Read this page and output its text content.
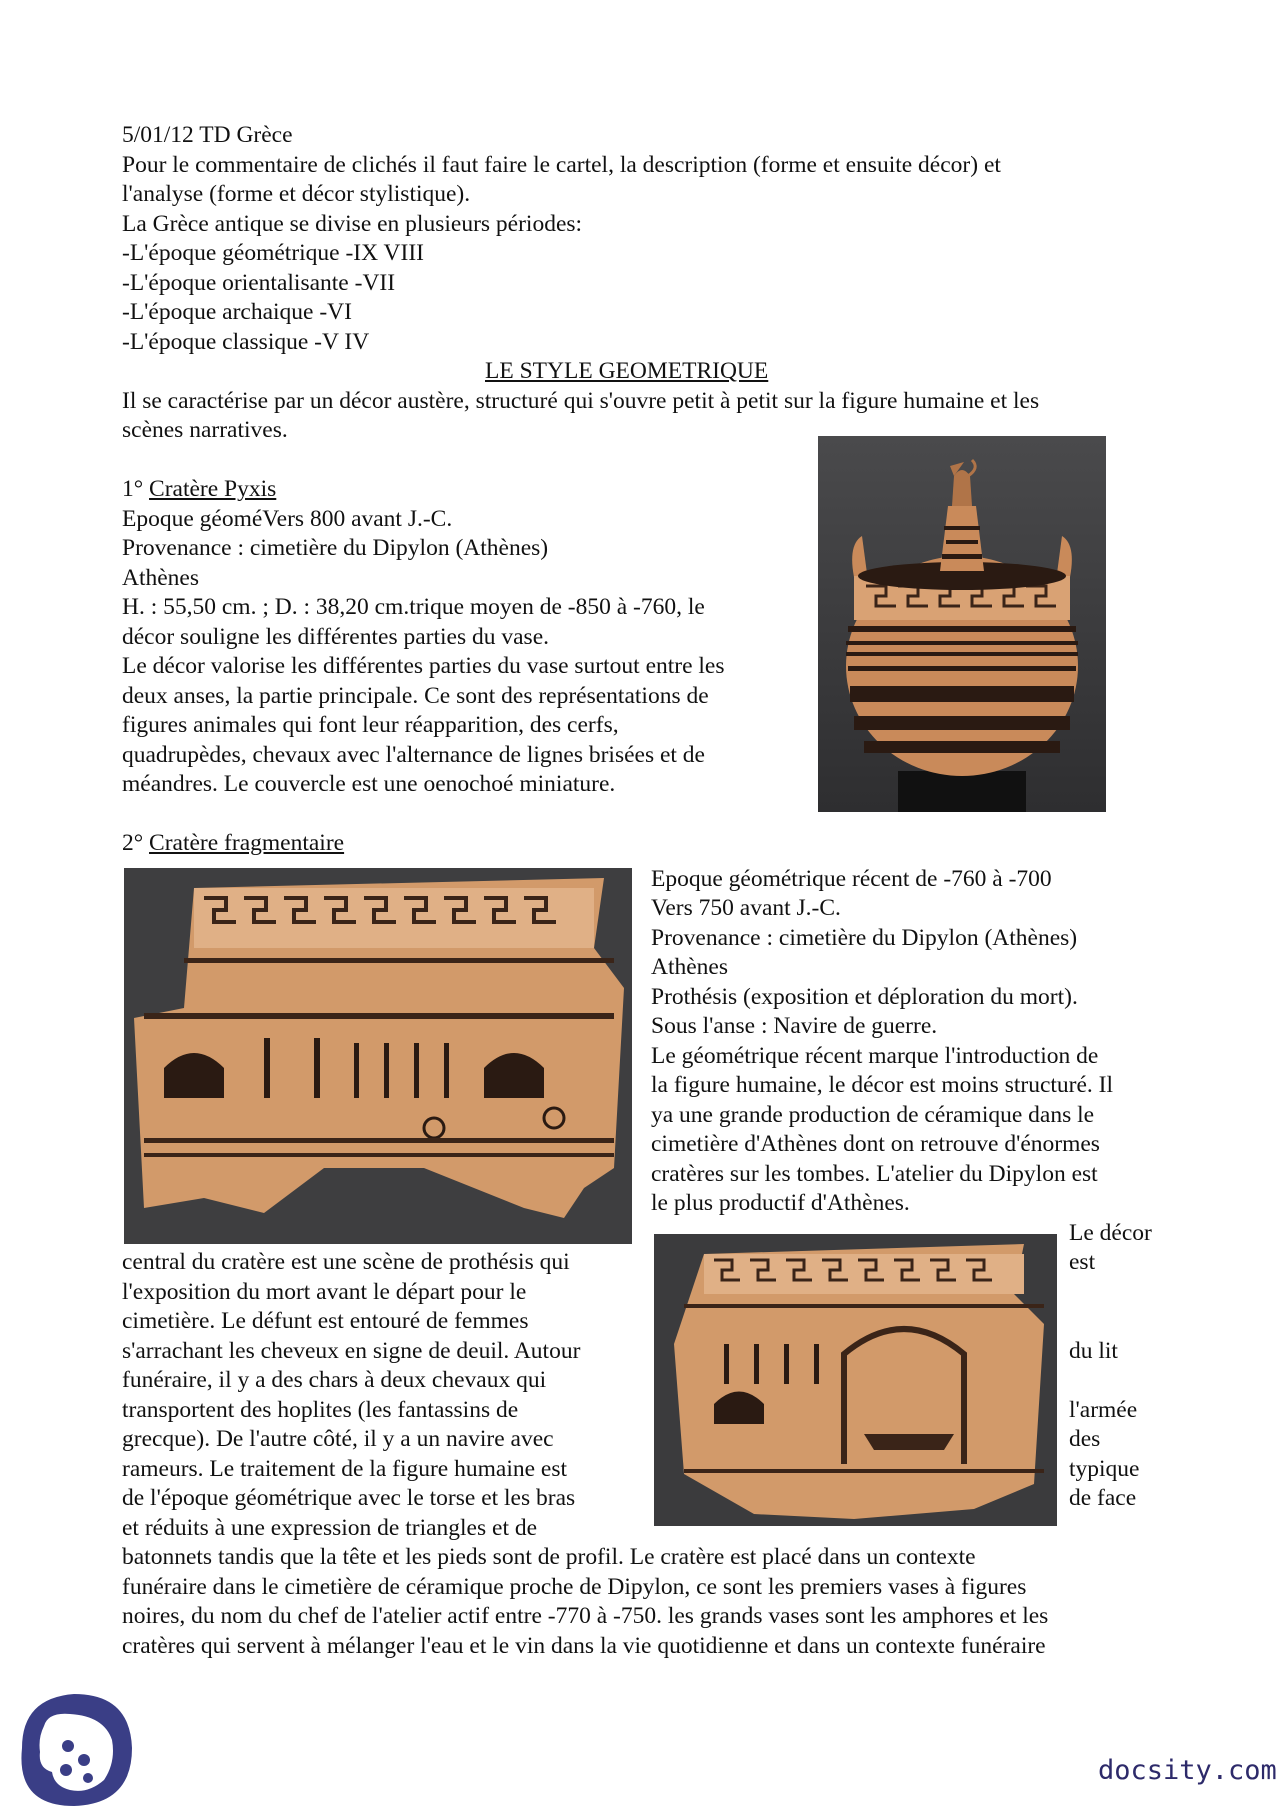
5/01/12 TD Grèce
Pour le commentaire de clichés il faut faire le cartel, la description (forme et ensuite décor) et
l'analyse (forme et décor stylistique).
La Grèce antique se divise en plusieurs périodes:
-L'époque géométrique -IX VIII
-L'époque orientalisante -VII
-L'époque archaique -VI
-L'époque classique -V IV
LE STYLE GEOMETRIQUE
Il se caractérise par un décor austère, structuré qui s'ouvre petit à petit sur la figure humaine et les
scènes narratives.
1° Cratère Pyxis
Epoque géoméVers 800 avant J.-C.
Provenance : cimetière du Dipylon (Athènes)
Athènes
H. : 55,50 cm. ; D. : 38,20 cm.trique moyen de -850 à -760, le
décor souligne les différentes parties du vase.
Le décor valorise les différentes parties du vase surtout entre les
deux anses, la partie principale. Ce sont des représentations de
figures animales qui font leur réapparition, des cerfs,
quadrupèdes, chevaux avec l'alternance de lignes brisées et de
méandres. Le couvercle est une oenochoé miniature.
2° Cratère fragmentaire
Epoque géométrique récent de -760 à -700
Vers 750 avant J.-C.
Provenance : cimetière du Dipylon (Athènes)
Athènes
Prothésis (exposition et déploration du mort).
Sous l'anse : Navire de guerre.
Le géométrique récent marque l'introduction de
la figure humaine, le décor est moins structuré. Il
ya une grande production de céramique dans le
cimetière d'Athènes dont on retrouve d'énormes
cratères sur les tombes. L'atelier du Dipylon est
le plus productif d'Athènes.
Le décor
est
du lit
l'armée
des
typique
de face
central du cratère est une scène de prothésis qui
l'exposition du mort avant le départ pour le
cimetière. Le défunt est entouré de femmes
s'arrachant les cheveux en signe de deuil. Autour
funéraire, il y a des chars à deux chevaux qui
transportent des hoplites (les fantassins de
grecque). De l'autre côté, il y a un navire avec
rameurs. Le traitement de la figure humaine est
de l'époque géométrique avec le torse et les bras
et réduits à une expression de triangles et de
batonnets tandis que la tête et les pieds sont de profil. Le cratère est placé dans un contexte
funéraire dans le cimetière de céramique proche de Dipylon, ce sont les premiers vases à figures
noires, du nom du chef de l'atelier actif entre -770 à -750. les grands vases sont les amphores et les
cratères qui servent à mélanger l'eau et le vin dans la vie quotidienne et dans un contexte funéraire
docsity.com
